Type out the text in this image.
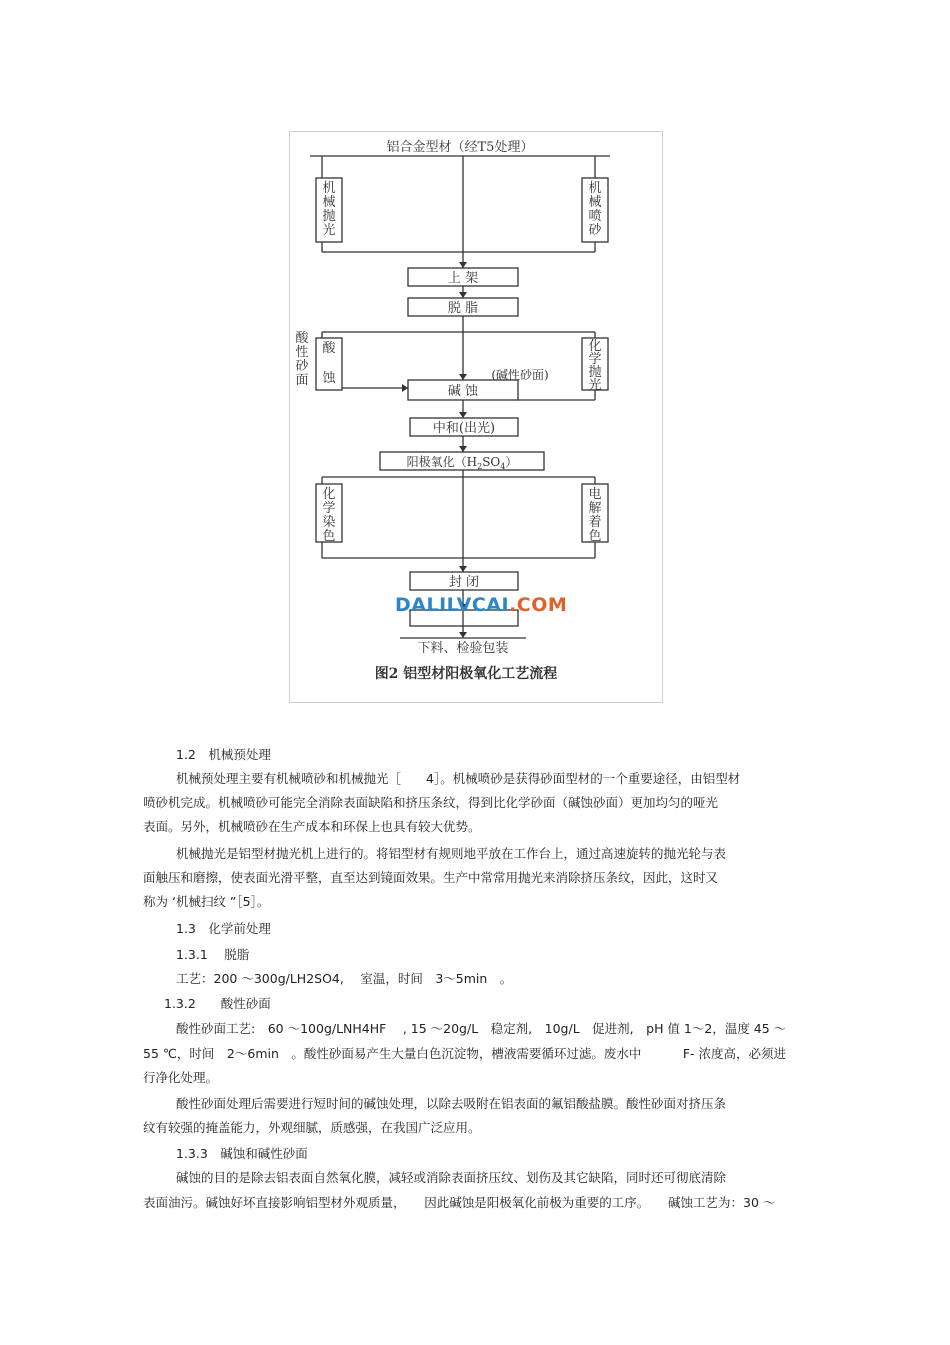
铝合金型材（经T5处理）
上 架
脱 脂
(碱性砂面)
碱 蚀
中和(出光)
阳极氧化$(H_2SO_4)$
封 闭
下料、检验包装
图2 铝型材阳极氧化工艺流程
机械抛光
机械喷砂
酸蚀
酸性砂面
化学抛光
化学染色
电解着色
DALILVCAI.COM
1.2　机械预处理
机械预处理主要有机械喷砂和机械抛光［　　4］。机械喷砂是获得砂面型材的一个重要途径，由铝型材
喷砂机完成。机械喷砂可能完全消除表面缺陷和挤压条纹，得到比化学砂面（碱蚀砂面）更加均匀的哑光
表面。另外，机械喷砂在生产成本和环保上也具有较大优势。
机械抛光是铝型材抛光机上进行的。将铝型材有规则地平放在工作台上，通过高速旋转的抛光轮与表
面触压和磨擦，使表面光滑平整，直至达到镜面效果。生产中常常用抛光来消除挤压条纹，因此，这时又
称为 ‘机械扫纹 ”［5］。
1.3　化学前处理
1.3.1　 脱脂
工艺：200 ～300g/LH2SO4,　 室温，时间　3～5min　。
1.3.2　　酸性砂面
酸性砂面工艺:　60 ～100g/LNH4HF　 , 15 ～20g/L　稳定剂,　10g/L　促进剂,　pH 值 1～2，温度 45 ～
55 ℃，时间　2～6min　。酸性砂面易产生大量白色沉淀物，槽液需要循环过滤。废水中　　　 F- 浓度高，必须进
行净化处理。
酸性砂面处理后需要进行短时间的碱蚀处理，以除去吸附在铝表面的氟铝酸盐膜。酸性砂面对挤压条
纹有较强的掩盖能力，外观细腻，质感强，在我国广泛应用。
1.3.3　碱蚀和碱性砂面
碱蚀的目的是除去铝表面自然氧化膜，减轻或消除表面挤压纹、划伤及其它缺陷，同时还可彻底清除
表面油污。碱蚀好坏直接影响铝型材外观质量，　　因此碱蚀是阳极氧化前极为重要的工序。　　碱蚀工艺为：30 ～
